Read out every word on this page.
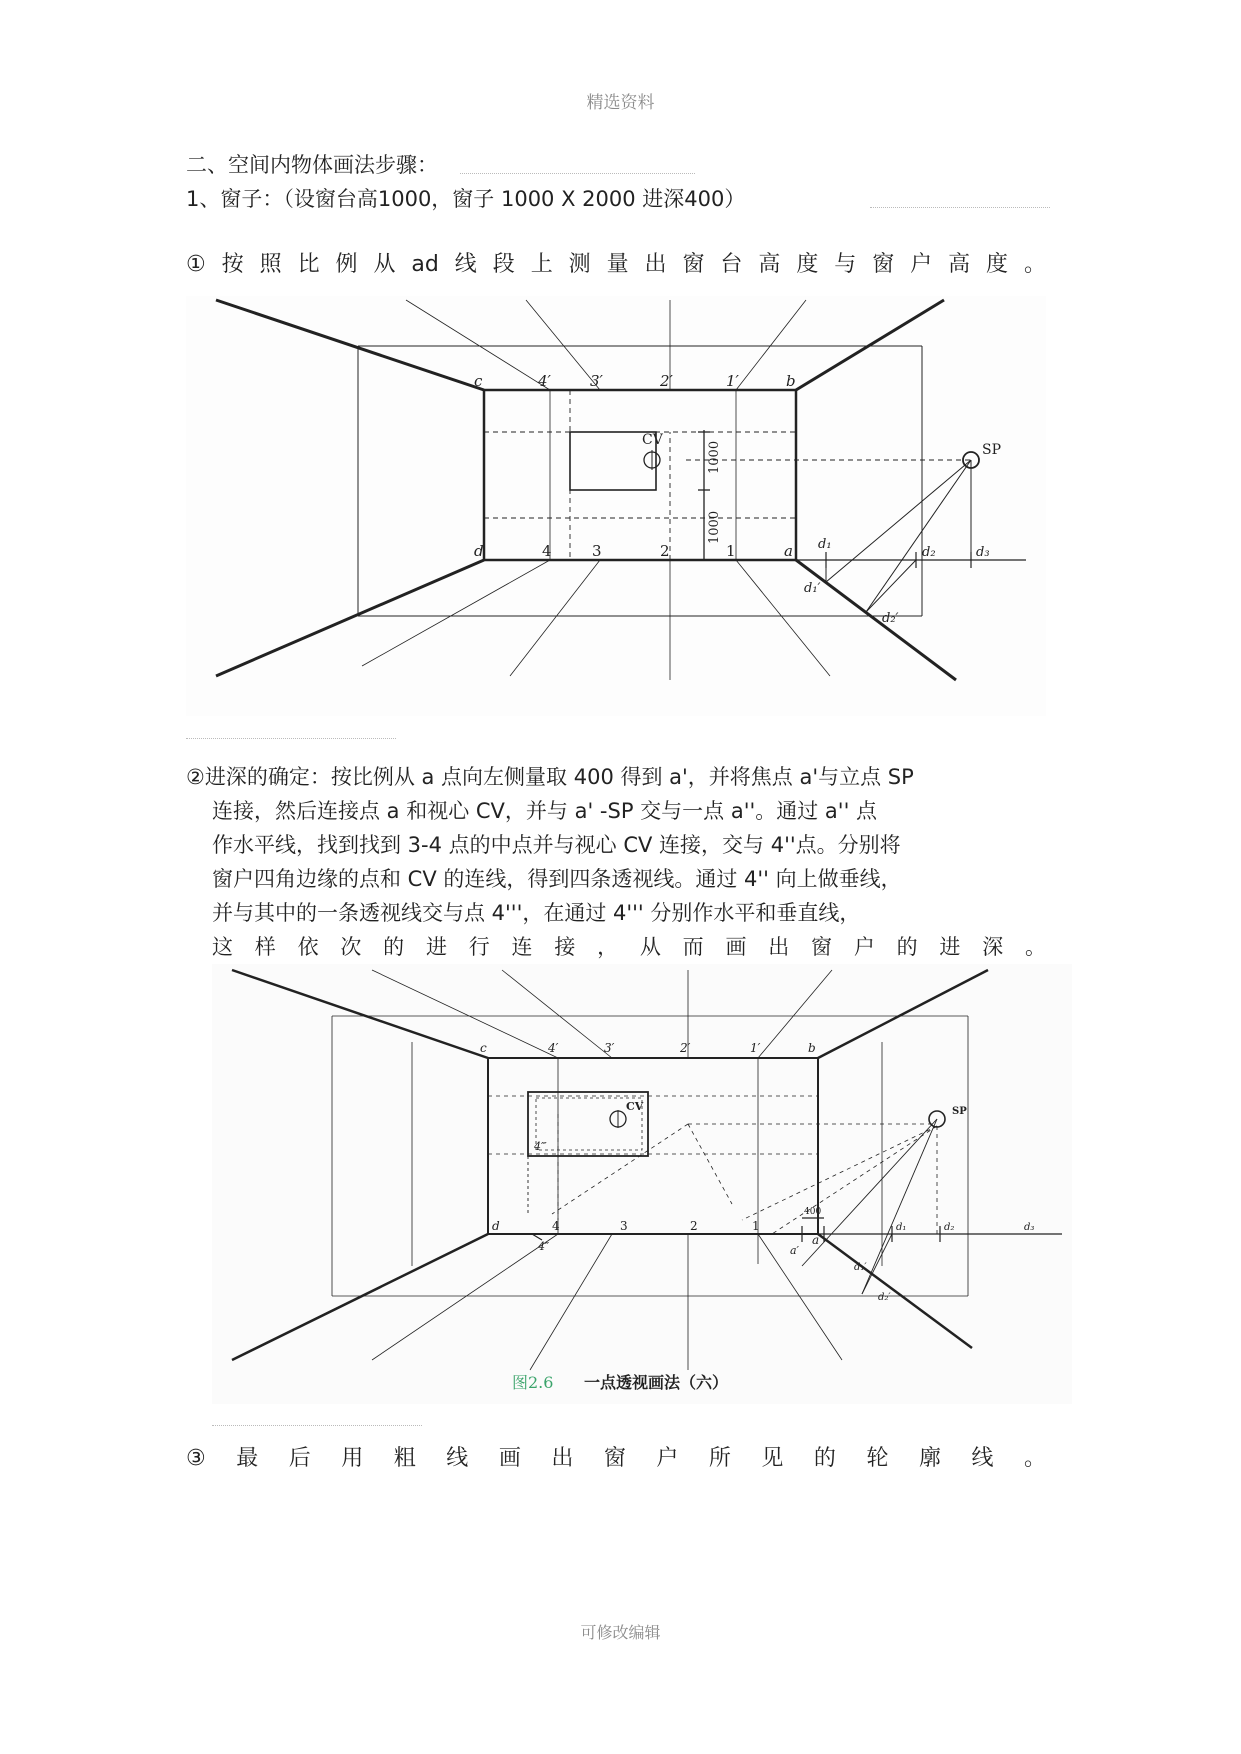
精选资料
二、空间内物体画法步骤：
1、窗子：（设窗台高1000，窗子 1000 X 2000 进深400）
①按照比例从ad线段上测量出窗台高度与窗户高度。
c	4′	3′	2′	1′	b
d	4	3	2	1	a
CV
SP
d₁
d₂	d₃
d₁′
d₂′
1000
1000
②进深的确定：按比例从 a 点向左侧量取 400 得到 a'，并将焦点 a'与立点 SP
连接，然后连接点 a 和视心 CV，并与 a' -SP 交与一点 a''。通过 a'' 点
作水平线，找到找到 3-4 点的中点并与视心 CV 连接，交与 4''点。分别将
窗户四角边缘的点和 CV 的连线，得到四条透视线。通过 4'' 向上做垂线，
并与其中的一条透视线交与点 4'''，在通过 4''' 分别作水平和垂直线，
这样依次的进行连接，从而画出窗户的进深。
c	4′	3′	2′	1′	b
d	4	3	2	1
a
CV	SP
400
4‴
4″	a′
d₁	d₂	d₃
d₁′
d₂′
图2.6 一点透视画法（六）
③最后用粗线画出窗户所见的轮廓线。
可修改编辑
